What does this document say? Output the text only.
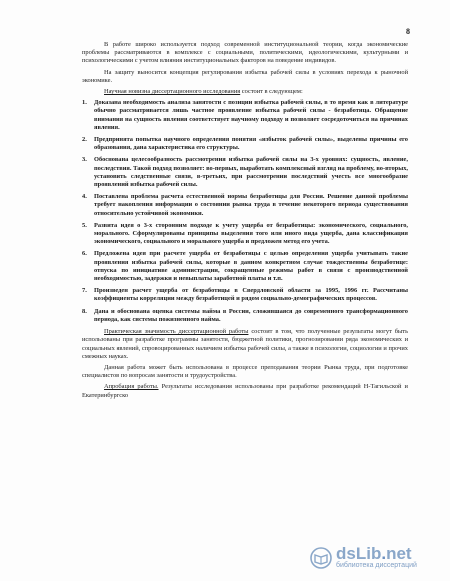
8

В работе широко используется подход современной институциональной теории, когда экономические проблемы рассматриваются в комплексе с социальными, политическими, идеологическими, культурными и психологическими с учетом влияния институциональных факторов на поведение индивидов.

На защиту выносится концепция регулирования избытка рабочей силы в условиях перехода к рыночной экономике.

Научная новизна диссертационного исследования состоит в следующем:

1. Доказана необходимость анализа занятости с позиции избытка рабочей силы, в то время как в литературе обычно рассматривается лишь частное проявление избытка рабочей силы - безработица. Обращение внимания на сущность явления соответствует научному подходу и позволяет сосредоточиться на причинах явления.
2. Предпринята попытка научного определения понятия «избыток рабочей силы», выделены причины его образования, дана характеристика его структуры.
3. Обоснована целесообразность рассмотрения избытка рабочей силы на 3-х уровнях: сущность, явление, последствия. Такой подход позволяет: во-первых, выработать комплексный взгляд на проблему, во-вторых, установить следственные связи, в-третьих, при рассмотрении последствий учесть все многообразие проявлений избытка рабочей силы.
4. Поставлена проблема расчета естественной нормы безработицы для России. Решение данной проблемы требует накопления информации о состоянии рынка труда в течение некоторого периода существования относительно устойчивой экономики.
5. Развита идея о 3-х сторонним подходе к учету ущерба от безработицы: экономического, социального, морального. Сформулированы принципы выделения того или иного вида ущерба, дана классификация экономического, социального и морального ущерба и предложен метод его учета.
6. Предложена идея при расчете ущерба от безработицы с целью определения ущерба учитывать такие проявления избытка рабочей силы, которые в данном конкретном случае тождественны безработице: отпуска по инициативе администрации, сокращенные режимы работ в связи с производственной необходимостью, задержки и невыплаты заработной платы и т.п.
7. Произведен расчет ущерба от безработицы в Свердловской области за 1995, 1996 гг. Рассчитаны коэффициенты корреляции между безработицей и рядом социально-демографических процессов.
8. Дана и обоснована оценка системы найма в России, сложившаяся до современного трансформационного периода, как системы пожизненного найма.

Практическая значимость диссертационной работы состоит в том, что полученные результаты могут быть использованы при разработке программы занятости, бюджетной политики, прогнозировании ряда экономических и социальных явлений, спровоцированных наличием избытка рабочей силы, а также в психологии, социологии и прочих смежных науках.

Данная работа может быть использована в процессе преподавания теории Рынка труда, при подготовке специалистов по вопросам занятости и трудоустройства.

Апробация работы. Результаты исследования использованы при разработке рекомендаций Н-Тагильской и Екатеринбургско

dsLib.net
библиотека диссертаций
